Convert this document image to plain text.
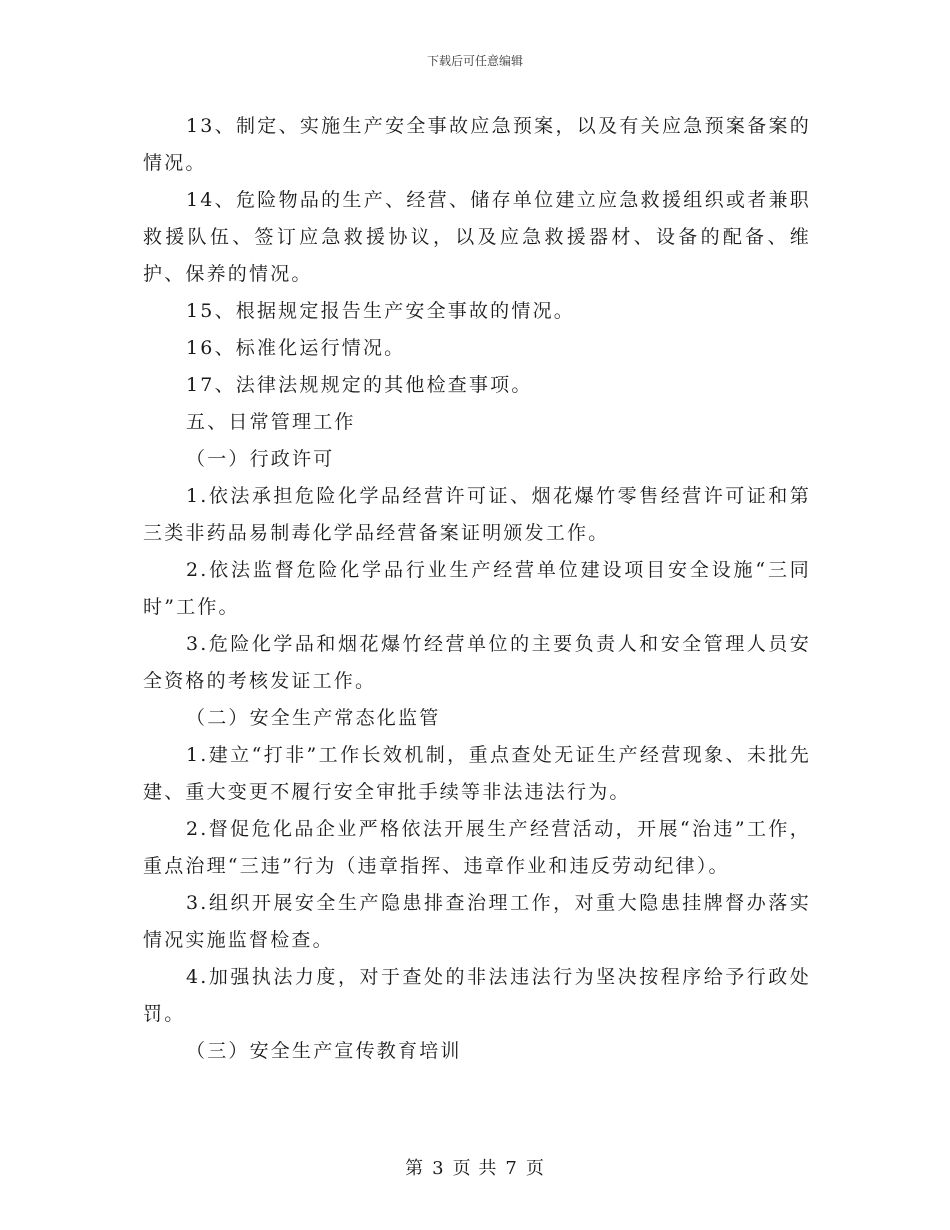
下载后可任意编辑

13、制定、实施生产安全事故应急预案，以及有关应急预案备案的情况。

14、危险物品的生产、经营、储存单位建立应急救援组织或者兼职救援队伍、签订应急救援协议，以及应急救援器材、设备的配备、维护、保养的情况。

15、根据规定报告生产安全事故的情况。

16、标准化运行情况。

17、法律法规规定的其他检查事项。

五、日常管理工作

（一）行政许可

1.依法承担危险化学品经营许可证、烟花爆竹零售经营许可证和第三类非药品易制毒化学品经营备案证明颁发工作。

2.依法监督危险化学品行业生产经营单位建设项目安全设施“三同时”工作。

3.危险化学品和烟花爆竹经营单位的主要负责人和安全管理人员安全资格的考核发证工作。

（二）安全生产常态化监管

1.建立“打非”工作长效机制，重点查处无证生产经营现象、未批先建、重大变更不履行安全审批手续等非法违法行为。

2.督促危化品企业严格依法开展生产经营活动，开展“治违”工作，重点治理“三违”行为（违章指挥、违章作业和违反劳动纪律）。

3.组织开展安全生产隐患排查治理工作，对重大隐患挂牌督办落实情况实施监督检查。

4.加强执法力度，对于查处的非法违法行为坚决按程序给予行政处罚。

（三）安全生产宣传教育培训

第 3 页 共 7 页
